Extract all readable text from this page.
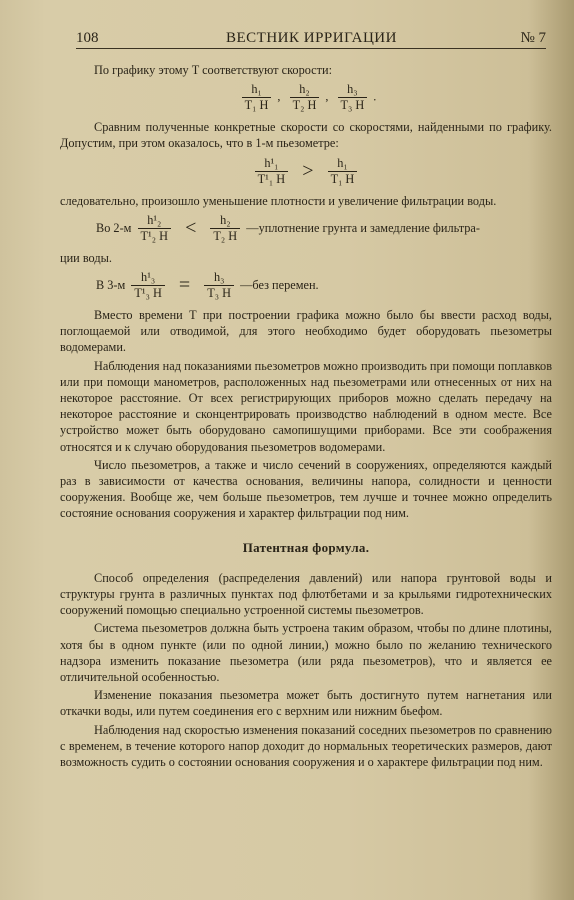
108	ВЕСТНИК ИРРИГАЦИИ	№ 7

По графику этому T соответствуют скорости:

$\frac{\text{h₁}}{\text{T₁ H}}$ , $\frac{\text{h₂}}{\text{T₂ H}}$ , $\frac{\text{h₃}}{\text{T₃ H}}$ .

Сравним полученные конкретные скорости со скоростями, найденными по графику. Допустим, при этом оказалось, что в 1-м пьезометре:

$\frac{\text{h¹₁}}{\text{T¹₁ H}} > \frac{\text{h₁}}{\text{T₁ H}}$

следовательно, произошло уменьшение плотности и увеличение фильтрации воды.

Во $2-м \frac{\text{h¹₂}}{\text{T¹₂ H}} < \frac{\text{h₂}}{\text{T₂ H}}$ —уплотнение грунта и замедление фильтра-

ции воды.

В $3-м \frac{\text{h¹₃}}{\text{T¹₃ H}} = \frac{\text{h₃}}{\text{T₃ H}}$ —без перемен.

Вместо времени T при построении графика можно было бы ввести расход воды, поглощаемой или отводимой, для этого необходимо будет оборудовать пьезометры водомерами.

Наблюдения над показаниями пьезометров можно производить при помощи поплавков или при помощи манометров, расположенных над пьезометрами или отнесенных от них на некоторое расстояние. От всех регистрирующих приборов можно сделать передачу на некоторое расстояние и сконцентрировать производство наблюдений в одном месте. Все устройство может быть оборудовано самопишущими приборами. Все эти соображения относятся и к случаю оборудования пьезометров водомерами.

Число пьезометров, а также и число сечений в сооружениях, определяются каждый раз в зависимости от качества основания, величины напора, солидности и ценности сооружения. Вообще же, чем больше пьезометров, тем лучше и точнее можно определить состояние основания сооружения и характер фильтрации под ним.

Патентная формула.

Способ определения (распределения давлений) или напора грунтовой воды и структуры грунта в различных пунктах под флютбетами и за крыльями гидротехнических сооружений помощью специально устроенной системы пьезометров.

Система пьезометров должна быть устроена таким образом, чтобы по длине плотины, хотя бы в одном пункте (или по одной линии,) можно было по желанию технического надзора изменить показание пьезометра (или ряда пьезометров), что и является ее отличительной особенностью.

Изменение показания пьезометра может быть достигнуто путем нагнетания или откачки воды, или путем соединения его с верхним или нижним бьефом.

Наблюдения над скоростью изменения показаний соседних пьезометров по сравнению с временем, в течение которого напор доходит до нормальных теоретических размеров, дают возможность судить о состоянии основания сооружения и о характере фильтрации под ним.
